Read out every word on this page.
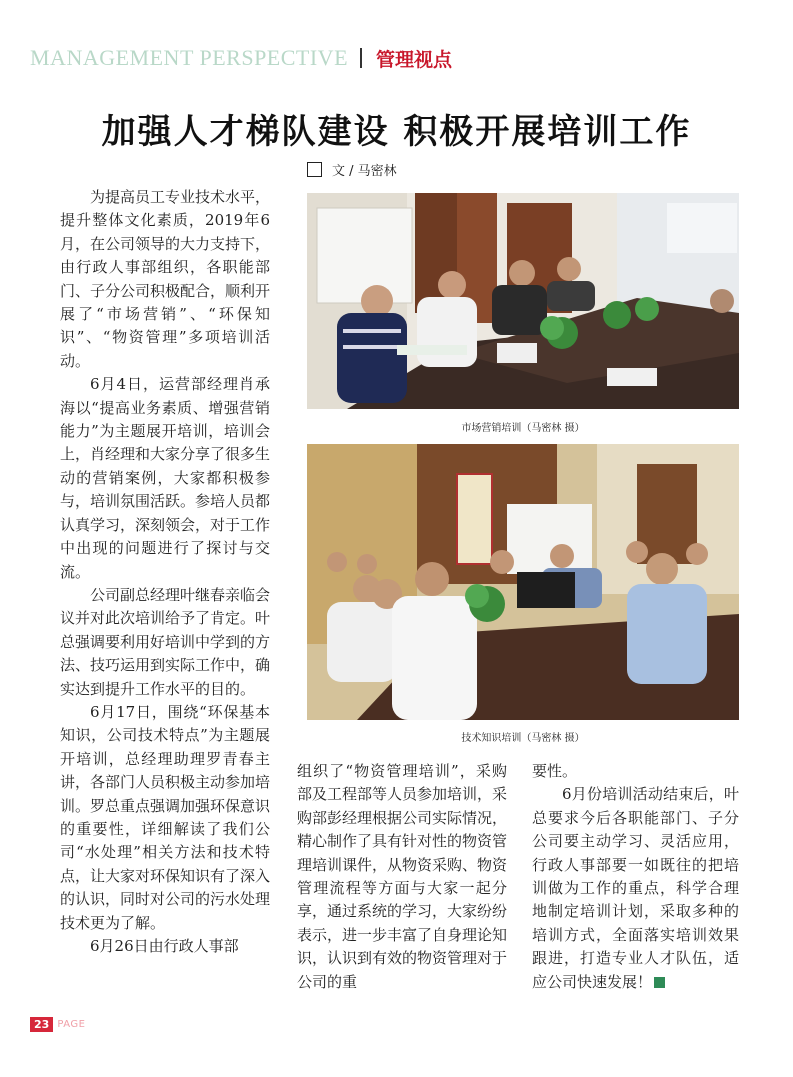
MANAGEMENT PERSPECTIVE 管理视点
加强人才梯队建设 积极开展培训工作
文 / 马密林

为提高员工专业技术水平，提升整体文化素质，2019年6月，在公司领导的大力支持下，由行政人事部组织，各职能部门、子分公司积极配合，顺利开展了“市场营销”、“环保知识”、“物资管理”多项培训活动。

6月4日，运营部经理肖承海以“提高业务素质、增强营销能力”为主题展开培训，培训会上，肖经理和大家分享了很多生动的营销案例，大家都积极参与，培训氛围活跃。参培人员都认真学习，深刻领会，对于工作中出现的问题进行了探讨与交流。

公司副总经理叶继春亲临会议并对此次培训给予了肯定。叶总强调要利用好培训中学到的方法、技巧运用到实际工作中，确实达到提升工作水平的目的。

6月17日，围绕“环保基本知识，公司技术特点”为主题展开培训，总经理助理罗青春主讲，各部门人员积极主动参加培训。罗总重点强调加强环保意识的重要性，详细解读了我们公司“水处理”相关方法和技术特点，让大家对环保知识有了深入的认识，同时对公司的污水处理技术更为了解。

6月26日由行政人事部

组织了“物资管理培训”，采购部及工程部等人员参加培训，采购部彭经理根据公司实际情况，精心制作了具有针对性的物资管理培训课件，从物资采购、物资管理流程等方面与大家一起分享，通过系统的学习，大家纷纷表示，进一步丰富了自身理论知识，认识到有效的物资管理对于公司的重

要性。

6月份培训活动结束后，叶总要求今后各职能部门、子分公司要主动学习、灵活应用，行政人事部要一如既往的把培训做为工作的重点，科学合理地制定培训计划，采取多种的培训方式，全面落实培训效果跟进，打造专业人才队伍，适应公司快速发展！

市场营销培训（马密林 摄）
技术知识培训（马密林 摄）
23 PAGE
